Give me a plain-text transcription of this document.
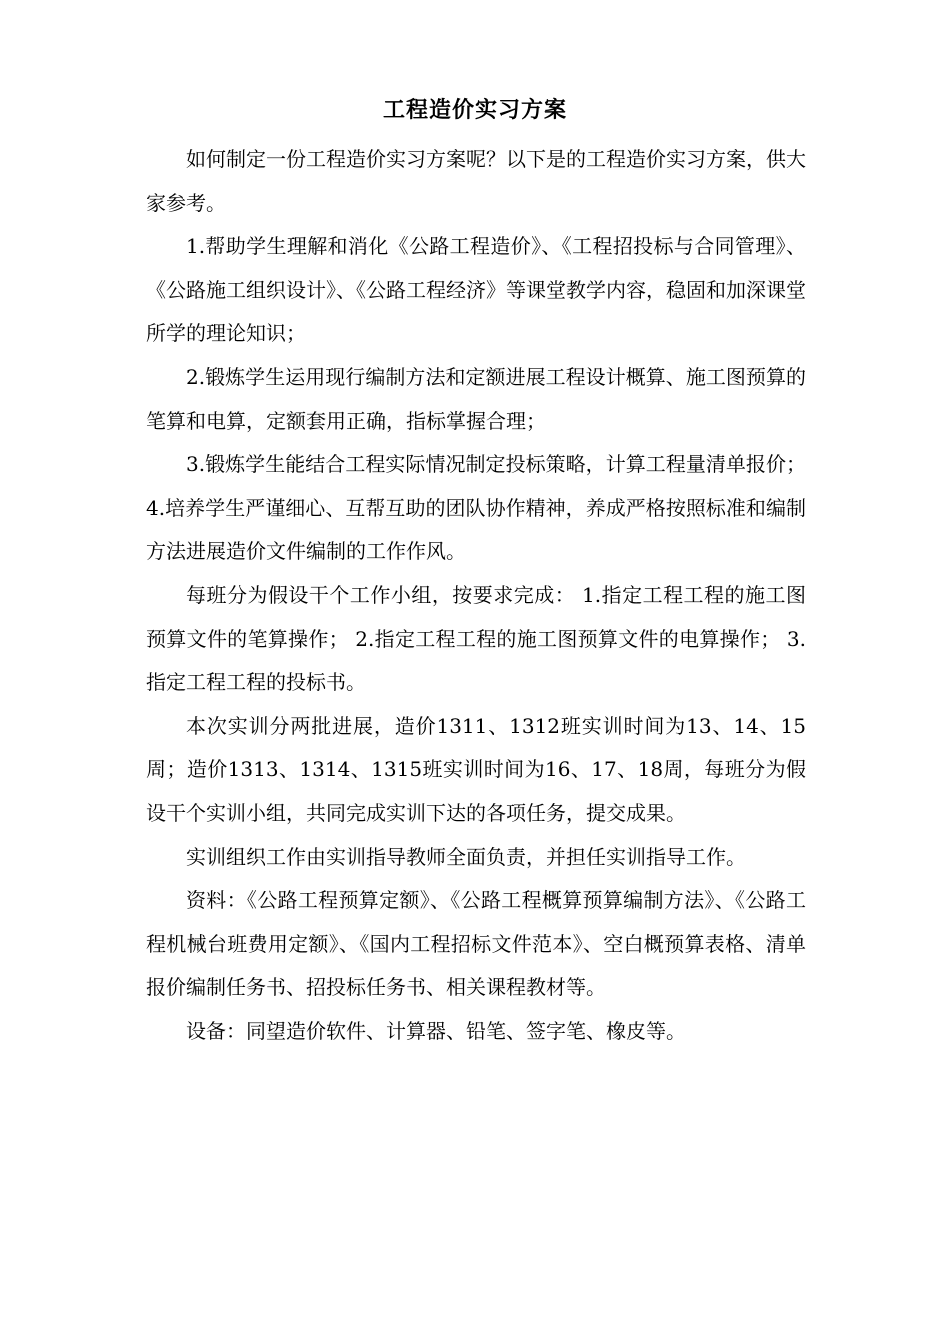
工程造价实习方案

如何制定一份工程造价实习方案呢？以下是的工程造价实习方案，供大家参考。

1.帮助学生理解和消化《公路工程造价》、《工程招投标与合同管理》、《公路施工组织设计》、《公路工程经济》等课堂教学内容，稳固和加深课堂所学的理论知识；

2.锻炼学生运用现行编制方法和定额进展工程设计概算、施工图预算的笔算和电算，定额套用正确，指标掌握合理；

3.锻炼学生能结合工程实际情况制定投标策略，计算工程量清单报价； 4.培养学生严谨细心、互帮互助的团队协作精神，养成严格按照标准和编制方法进展造价文件编制的工作作风。

每班分为假设干个工作小组，按要求完成： 1.指定工程工程的施工图预算文件的笔算操作； 2.指定工程工程的施工图预算文件的电算操作； 3.指定工程工程的投标书。

本次实训分两批进展，造价1311、1312班实训时间为13、14、15周；造价1313、1314、1315班实训时间为16、17、18周，每班分为假设干个实训小组，共同完成实训下达的各项任务，提交成果。

实训组织工作由实训指导教师全面负责，并担任实训指导工作。

资料：《公路工程预算定额》、《公路工程概算预算编制方法》、《公路工程机械台班费用定额》、《国内工程招标文件范本》、空白概预算表格、清单报价编制任务书、招投标任务书、相关课程教材等。

设备：同望造价软件、计算器、铅笔、签字笔、橡皮等。
